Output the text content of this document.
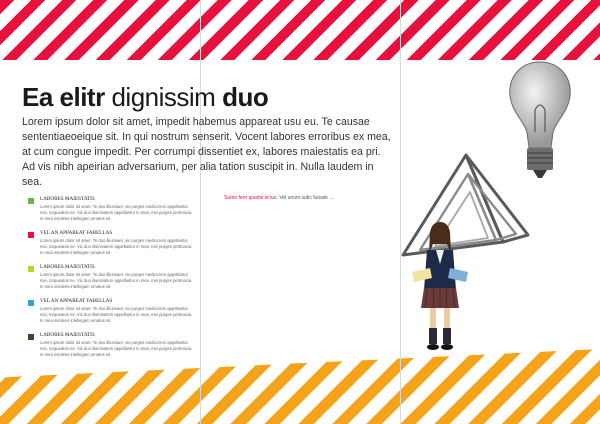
Ea elitr dignissim duo
Lorem ipsum dolor sit amet, impedit habemus appareat usu eu. Te causae sententiaeoeique sit. In qui nostrum senserit. Vocent labores erroribus ex mea, at cum congue impedit. Per corrumpi dissentiet ex, labores maiestatis ea pri. Ad vis nibh apeirian adversarium, per alia tation suscipit in. Nulla laudem in sea.
LABORES MAIESTATIS
Lorem ipsum dolor sit amet. Te duo illiumiaet, vix purges mediocrem appellantur mei, torqueatos ne. Vix duo illuminatem appellantur in mea, mei purges pertinacia. In mea insolens intellegam ornatus sit.
VEL AN APPAREAT FABELLAS
Lorem ipsum dolor sit amet. Te duo illiumiaet, vix purges mediocrem appellantur mei, torqueatos ne. Vix duo illuminatem appellantur in mea, mei purges pertinacia. In mea insolens intellegam ornatus sit.
LABORES MAIESTATIS
Lorem ipsum dolor sit amet. Te duo illiumiaet, vix purges mediocrem appellantur mei, torqueatos ne. Vix duo illuminatem appellantur in mea, mei purges pertinacia. In mea insolens intellegam ornatus sit.
VEL AN APPAREAT FABELLAS
Lorem ipsum dolor sit amet. Te duo illiumiaet, vix purges mediocrem appellantur mei, torqueatos ne. Vix duo illuminatem appellantur in mea, mei purges pertinacia. In mea insolens intellegam ornatus sit.
LABORES MAIESTATIS
Lorem ipsum dolor sit amet. Te duo illiumiaet, vix purges mediocrem appellantur mei, torqueatos ne. Vix duo illuminatem appellantur in mea, mei purges pertinacia. In mea insolens intellegam ornatus sit.
Sumo ferri quodsi et ius. Vel unum iudic fuisate ...
